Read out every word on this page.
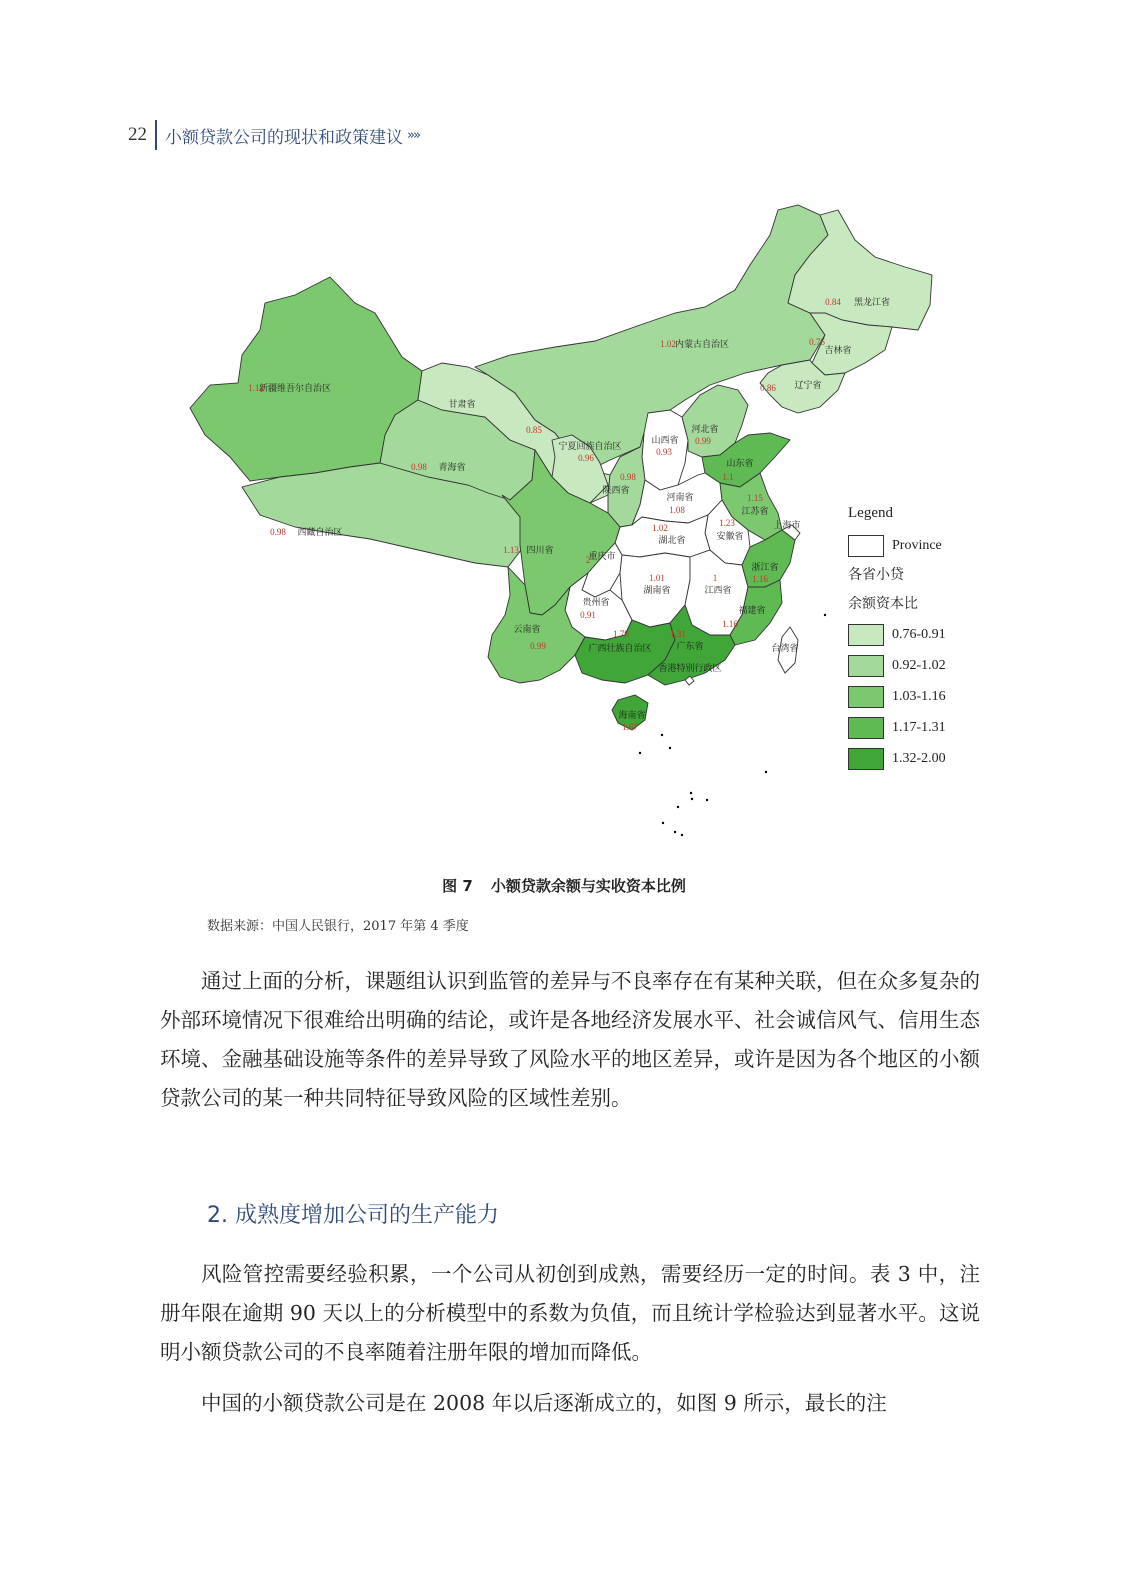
22	小额贷款公司的现状和政策建议 »»
新疆维吾尔自治区
1.12
西藏自治区
0.98
青海省
0.98
甘肃省
0.85
内蒙古自治区
1.02
黑龙江省
0.84
吉林省
0.76
辽宁省
0.86
宁夏回族自治区
0.96
山西省
0.93
河北省
0.99
山东省
1.1
陕西省
0.98
河南省
1.08	江苏省
1.15
安徽省
1.23
湖北省
1.02
四川省
1.13
重庆市
2
湖南省
1.01
江西省
1
浙江省
1.16
福建省
1.16
贵州省
0.91
云南省
0.99	广西壮族自治区
1.79
广东省
1.31
海南省
1.67
台湾省
上海市
香港特别行政区
Legend
Province
各省小贷
余额资本比
0.76-0.91
0.92-1.02
1.03-1.16
1.17-1.31
1.32-2.00
图 7 小额贷款余额与实收资本比例
数据来源：中国人民银行，2017 年第 4 季度

通过上面的分析，课题组认识到监管的差异与不良率存在有某种关联，但在众多复杂的外部环境情况下很难给出明确的结论，或许是各地经济发展水平、社会诚信风气、信用生态环境、金融基础设施等条件的差异导致了风险水平的地区差异，或许是因为各个地区的小额贷款公司的某一种共同特征导致风险的区域性差别。

2. 成熟度增加公司的生产能力

风险管控需要经验积累，一个公司从初创到成熟，需要经历一定的时间。表 3 中，注册年限在逾期 90 天以上的分析模型中的系数为负值，而且统计学检验达到显著水平。这说明小额贷款公司的不良率随着注册年限的增加而降低。

中国的小额贷款公司是在 2008 年以后逐渐成立的，如图 9 所示，最长的注
